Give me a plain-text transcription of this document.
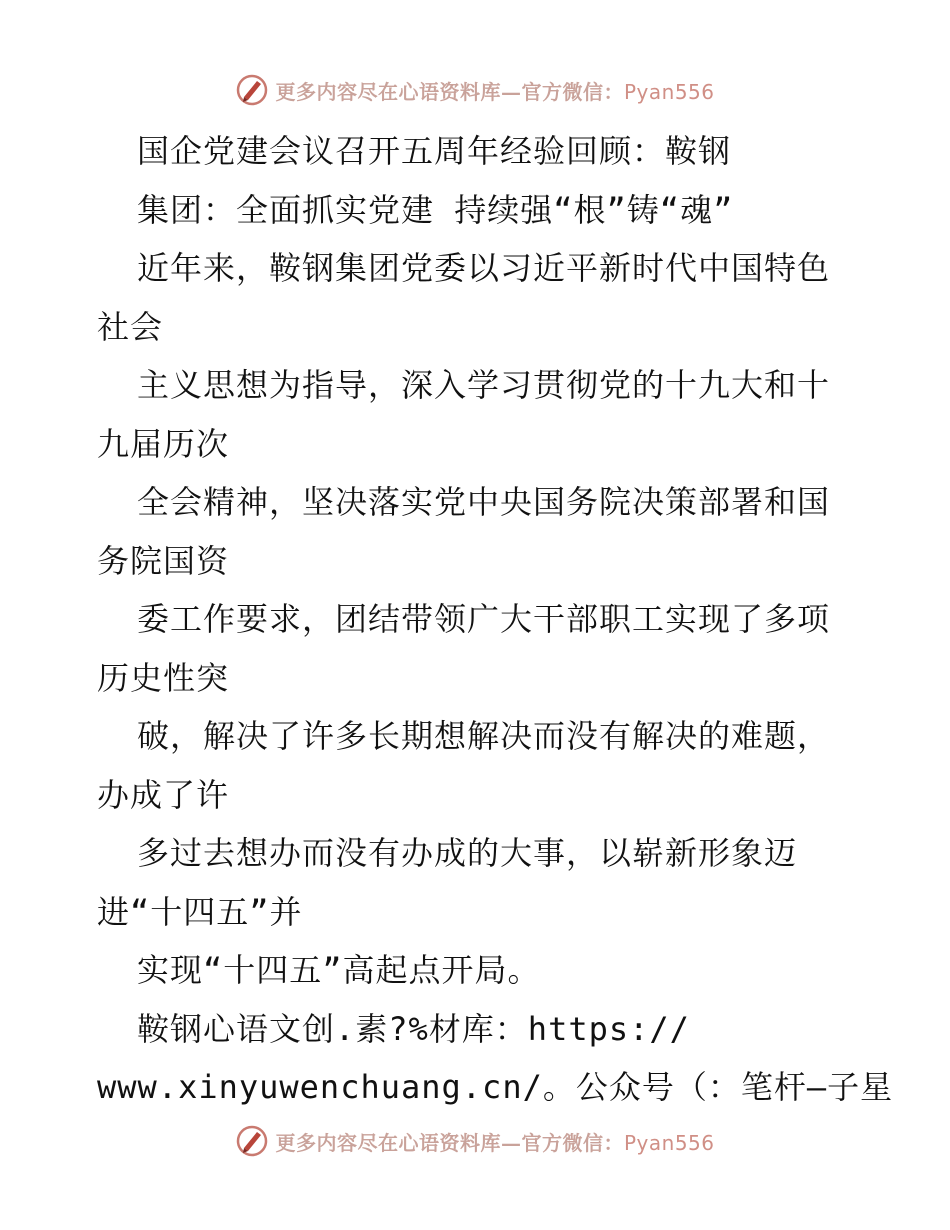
更多内容尽在心语资料库—官方微信：Pyan556
国企党建会议召开五周年经验回顾：鞍钢
集团：全面抓实党建 持续强“根”铸“魂”
近年来，鞍钢集团党委以习近平新时代中国特色
社会
主义思想为指导，深入学习贯彻党的十九大和十
九届历次
全会精神，坚决落实党中央国务院决策部署和国
务院国资
委工作要求，团结带领广大干部职工实现了多项
历史性突
破，解决了许多长期想解决而没有解决的难题，
办成了许
多过去想办而没有办成的大事，以崭新形象迈
进“十四五”并
实现“十四五”高起点开局。
鞍钢心语文创.素?%材库：https://
www.xinyuwenchuang.cn/。公众号（：笔杆—子星
更多内容尽在心语资料库—官方微信：Pyan556
